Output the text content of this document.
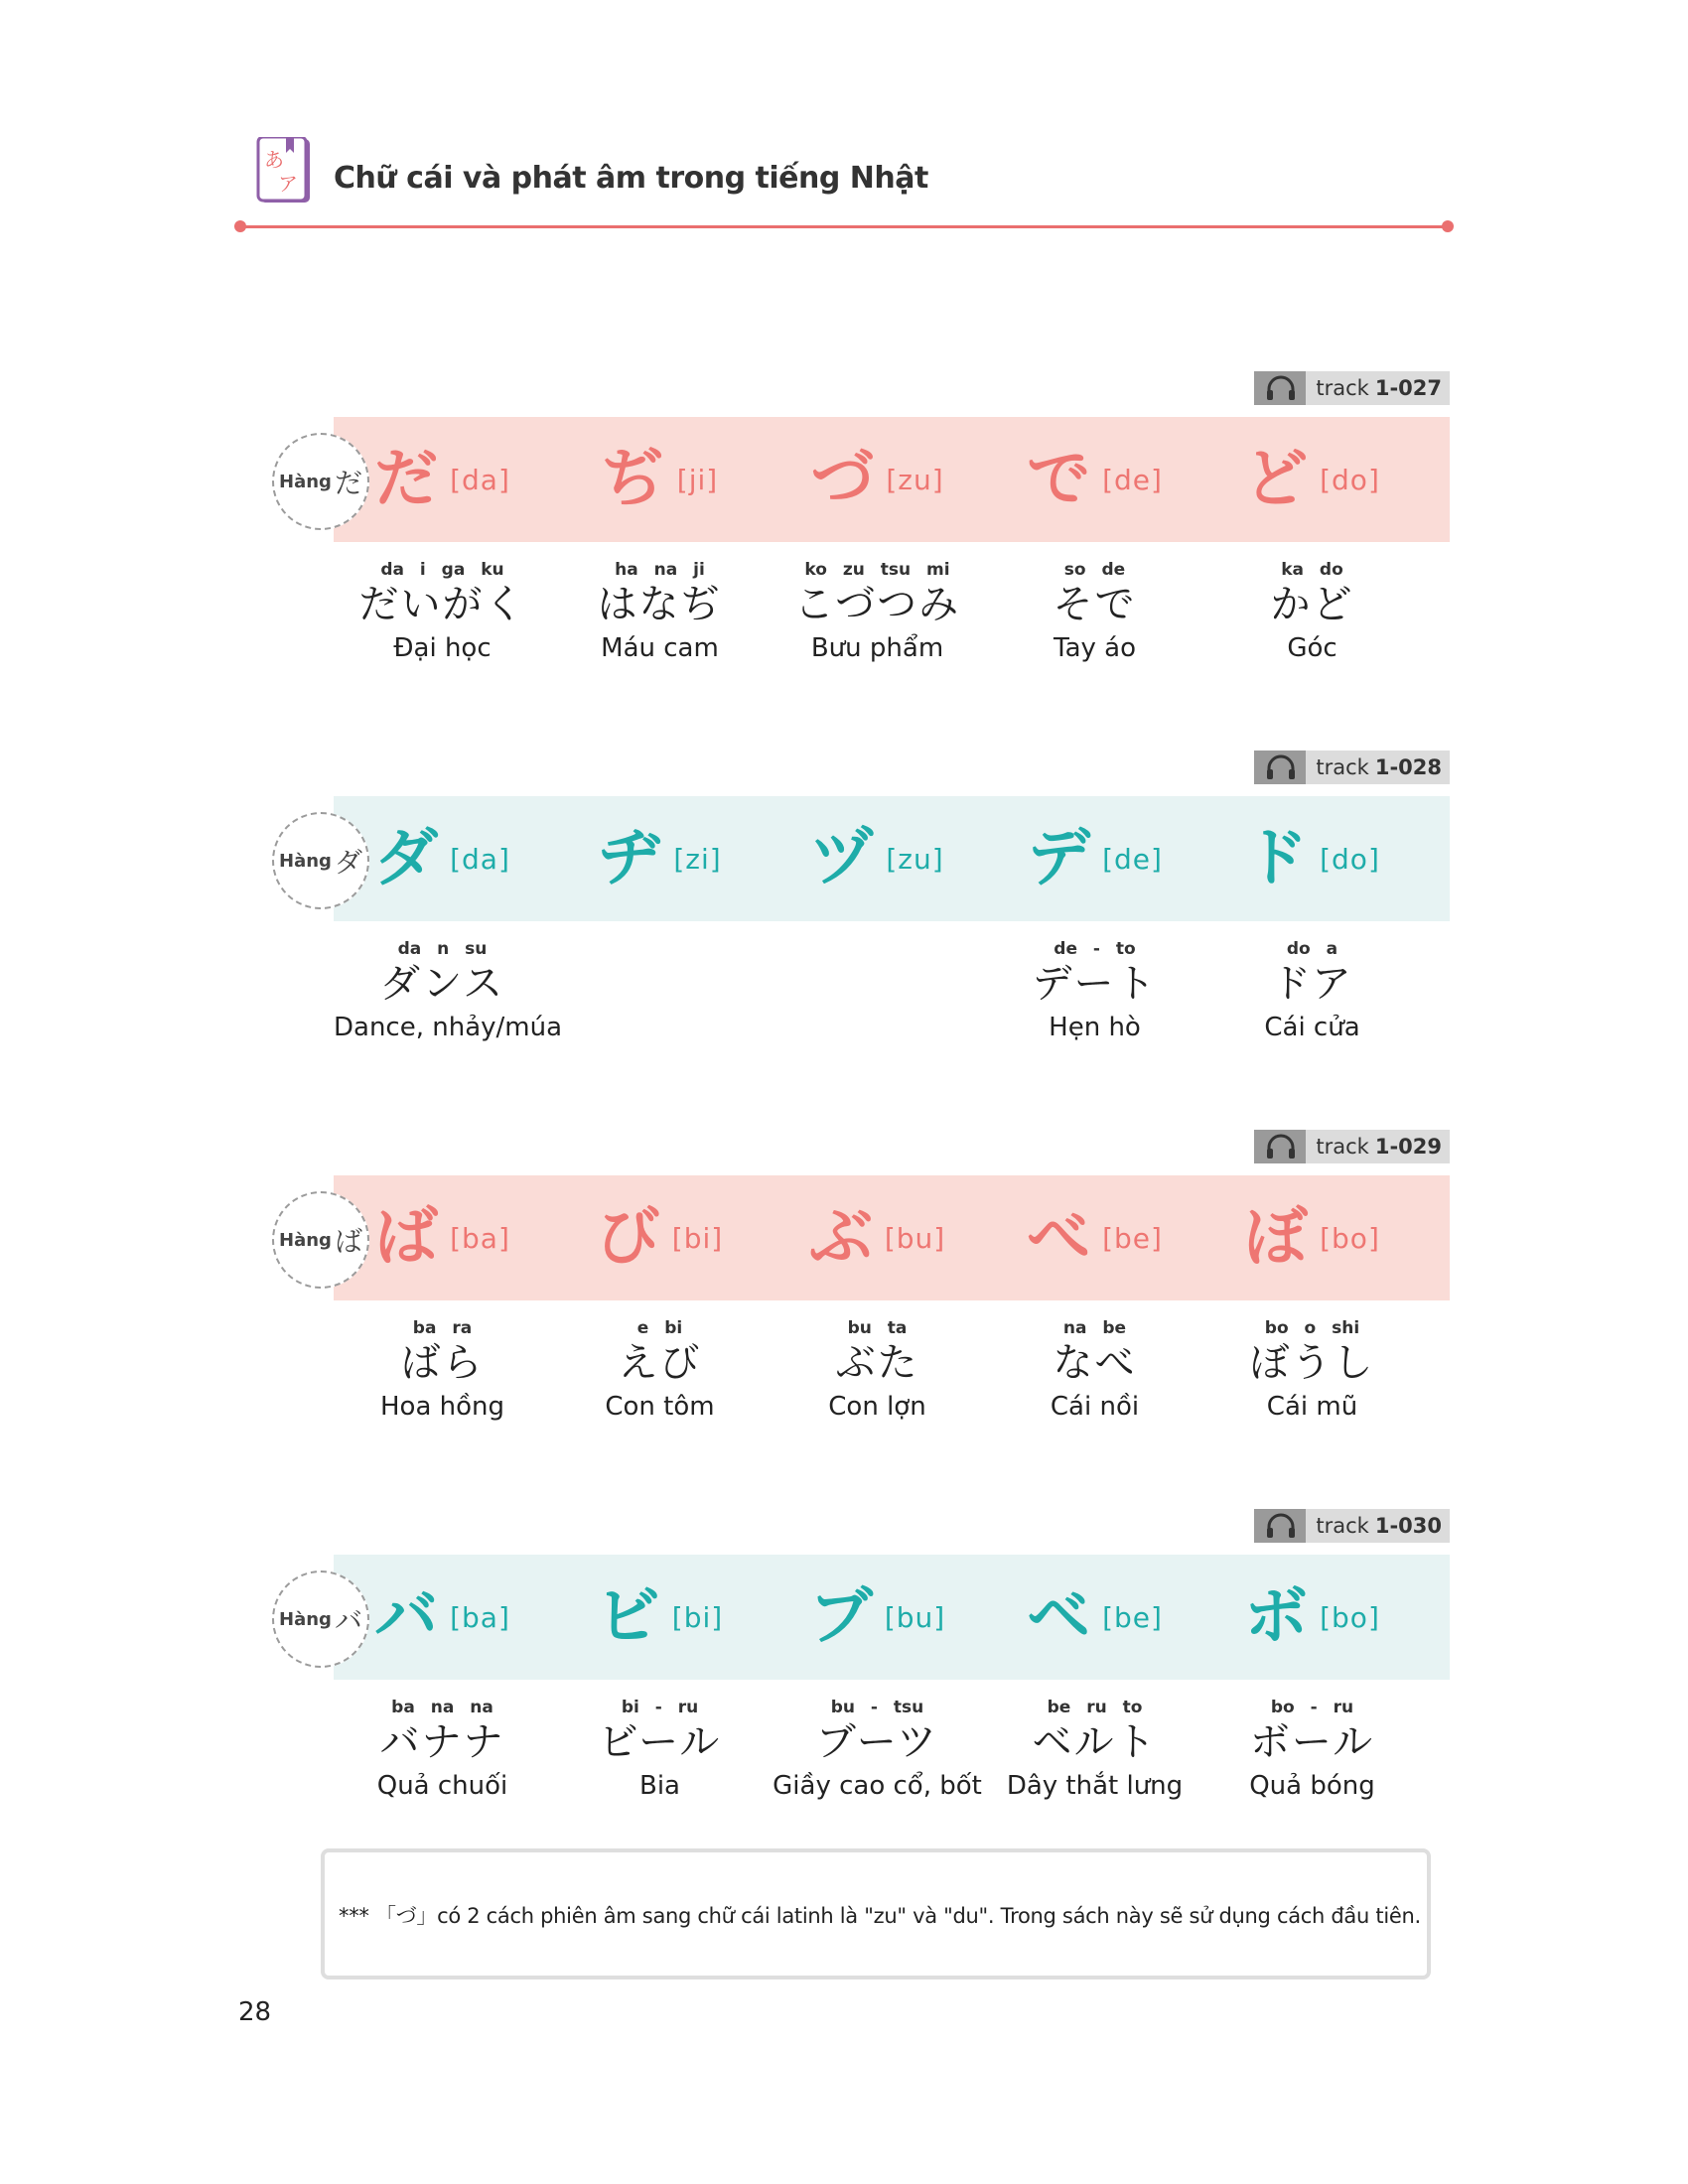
あ
ア Chữ cái và phát âm trong tiếng Nhật
track 1-027
Hàng だ だ [da] ぢ [ji] づ [zu] で [de] ど [do]
da i ga ku
だいがく
Đại học
ha na ji
はなぢ
Máu cam
ko zu tsu mi
こづつみ
Bưu phẩm
so de
そで
Tay áo
ka do
かど
Góc
track 1-028
Hàng ダ ダ [da] ヂ [zi] ヅ [zu] デ [de] ド [do]
da n su
ダンス
Dance, nhảy/múa
de - to
デート
Hẹn hò
do a
ドア
Cái cửa
track 1-029
Hàng ば ば [ba] び [bi] ぶ [bu] べ [be] ぼ [bo]
ba ra
ばら
Hoa hồng
e bi
えび
Con tôm
bu ta
ぶた
Con lợn
na be
なべ
Cái nồi
bo o shi
ぼうし
Cái mũ
track 1-030
Hàng バ バ [ba] ビ [bi] ブ [bu] ベ [be] ボ [bo]
ba na na
バナナ
Quả chuối
bi - ru
ビール
Bia
bu - tsu
ブーツ
Giầy cao cổ, bốt
be ru to
ベルト
Dây thắt lưng
bo - ru
ボール
Quả bóng
*** 「づ」có 2 cách phiên âm sang chữ cái latinh là "zu" và "du". Trong sách này sẽ sử dụng cách đầu tiên.
28
